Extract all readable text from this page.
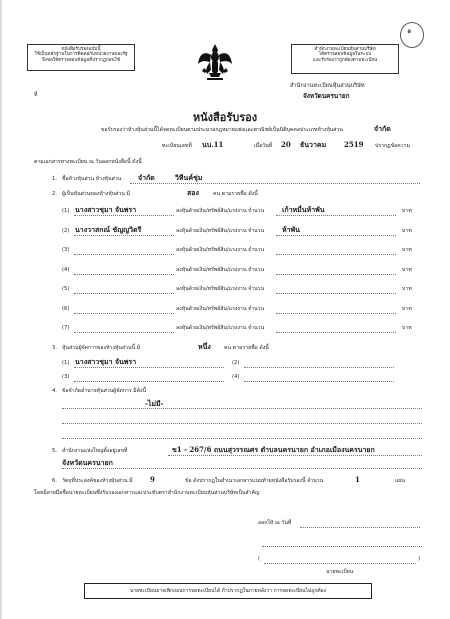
หนังสือรับรองฉบับนี้
ใช้เป็นหลักฐานในการติดต่อกับหน่วยงานของรัฐ
จึงขอให้ตรวจสอบข้อมูลที่ปรากฏก่อนใช้
ที่
สำนักงานทะเบียนหุ้นส่วนบริษัท
ได้ตรวจสอบข้อมูลในระบบ
และรับรองว่าถูกต้องตามทะเบียน
๑
สำนักงานทะเบียนหุ้นส่วนบริษัท
จังหวัดนครนายก
หนังสือรับรอง
ขอรับรองว่าห้างหุ้นส่วนนี้ได้จดทะเบียนตามประมวลกฎหมายแพ่งและพาณิชย์เป็นนิติบุคคลประเภทห้างหุ้นส่วน	จำกัด
ทะเบียนเลขที่ นบ.11	เมื่อวันที่ 20 ธันวาคม	2519 ปรากฏข้อความ
ตามเอกสารทางทะเบียน ณ วันออกหนังสือนี้ ดังนี้
1. ชื่อห้างหุ้นส่วน ห้างหุ้นส่วน จำกัด	วิหีนค์ชุ่ม
2. ผู้เป็นหุ้นส่วนของห้างหุ้นส่วน มี	สอง	คน ตามรายชื่อ ดังนี้
(1) นางสาวชุมา จันพรา	ลงหุ้นด้วยเงิน/ทรัพย์สิน/แรงงาน จำนวน	เก้าหมื่นห้าพัน	บาท
(2) นางวาสกณ์ ชัญญวิตรี	ลงหุ้นด้วยเงิน/ทรัพย์สิน/แรงงาน จำนวน	ห้าพัน	บาท
(3)	ลงหุ้นด้วยเงิน/ทรัพย์สิน/แรงงาน จำนวน	บาท
(4)	ลงหุ้นด้วยเงิน/ทรัพย์สิน/แรงงาน จำนวน	บาท
(5)	ลงหุ้นด้วยเงิน/ทรัพย์สิน/แรงงาน จำนวน	บาท
(6)	ลงหุ้นด้วยเงิน/ทรัพย์สิน/แรงงาน จำนวน	บาท
(7)	ลงหุ้นด้วยเงิน/ทรัพย์สิน/แรงงาน จำนวน	บาท
3. หุ้นส่วนผู้จัดการของห้างหุ้นส่วนนี้ มี	หนึ่ง	คน ตามรายชื่อ ดังนี้
(1) นางสาวชุมา จันพรา	(2)
(3)	(4)
4. ข้อจำกัดอำนาจหุ้นส่วนผู้จัดการ มีดังนี้
-ไม่มี-
5. สำนักงานแห่งใหญ่ตั้งอยู่เลขที่	ข1 - 267/6 ถนนสุวรรณศร ตำบลนครนายก อำเภอเมืองนครนายก
จังหวัดนครนายก
6. วัตถุที่ประสงค์ของห้างหุ้นส่วน มี 9	ข้อ ดังปรากฏในสำเนาเอกสารแนบท้ายหนังสือรับรองนี้ จำนวน	1	แผ่น
โดยมีลายมือชื่อนายทะเบียนซึ่งรับรองเอกสารและประทับตราสำนักงานทะเบียนหุ้นส่วนบริษัทเป็นสำคัญ
ออกให้ ณ วันที่
(	)
นายทะเบียน
นายทะเบียนอาจเพิกถอนการจดทะเบียนได้ ถ้าปรากฏในภายหลังว่า การจดทะเบียนไม่ถูกต้อง
